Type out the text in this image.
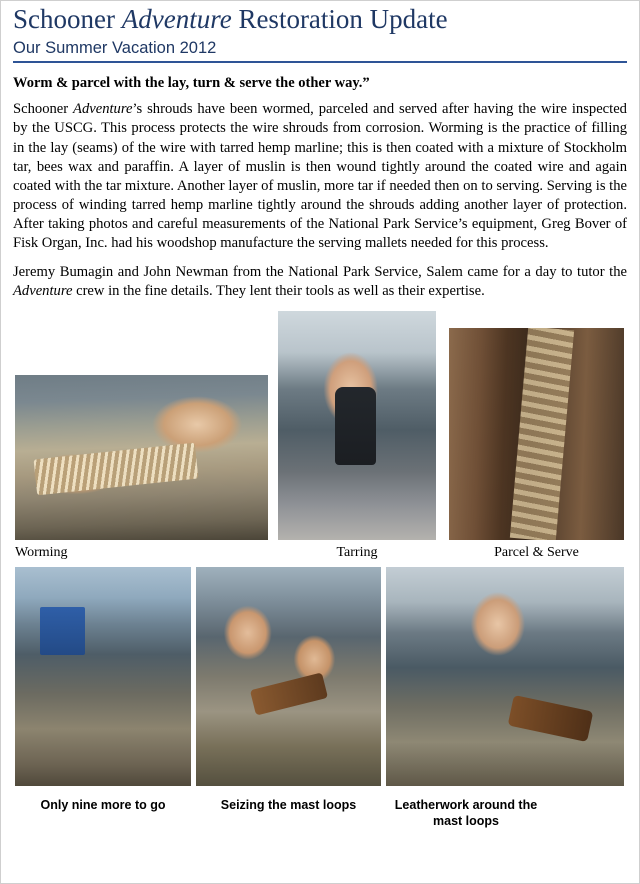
Schooner Adventure Restoration Update
Our Summer Vacation 2012
Worm & parcel with the lay, turn & serve the other way.”

Schooner Adventure’s shrouds have been wormed, parceled and served after having the wire inspected by the USCG. This process protects the wire shrouds from corrosion. Worming is the practice of filling in the lay (seams) of the wire with tarred hemp marline; this is then coated with a mixture of Stockholm tar, bees wax and paraffin. A layer of muslin is then wound tightly around the coated wire and again coated with the tar mixture. Another layer of muslin, more tar if needed then on to serving. Serving is the process of winding tarred hemp marline tightly around the shrouds adding another layer of protection. After taking photos and careful measurements of the National Park Service’s equipment, Greg Bover of Fisk Organ, Inc. had his woodshop manufacture the serving mallets needed for this process.

Jeremy Bumagin and John Newman from the National Park Service, Salem came for a day to tutor the Adventure crew in the fine details. They lent their tools as well as their expertise.

Worming	Tarring	Parcel & Serve
Only nine more to go	Seizing the mast loops	Leatherwork around the mast loops
